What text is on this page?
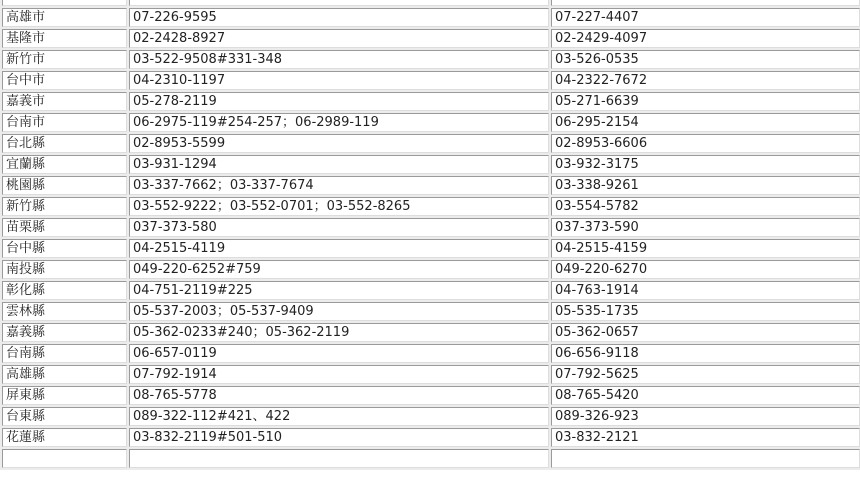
高雄市	07-226-9595	07-227-4407
基隆市	02-2428-8927	02-2429-4097
新竹市	03-522-9508#331-348	03-526-0535
台中市	04-2310-1197	04-2322-7672
嘉義市	05-278-2119	05-271-6639
台南市	06-2975-119#254-257；06-2989-119	06-295-2154
台北縣	02-8953-5599	02-8953-6606
宜蘭縣	03-931-1294	03-932-3175
桃園縣	03-337-7662；03-337-7674	03-338-9261
新竹縣	03-552-9222；03-552-0701；03-552-8265	03-554-5782
苗栗縣	037-373-580	037-373-590
台中縣	04-2515-4119	04-2515-4159
南投縣	049-220-6252#759	049-220-6270
彰化縣	04-751-2119#225	04-763-1914
雲林縣	05-537-2003；05-537-9409	05-535-1735
嘉義縣	05-362-0233#240；05-362-2119	05-362-0657
台南縣	06-657-0119	06-656-9118
高雄縣	07-792-1914	07-792-5625
屏東縣	08-765-5778	08-765-5420
台東縣	089-322-112#421、422	089-326-923
花蓮縣	03-832-2119#501-510	03-832-2121
